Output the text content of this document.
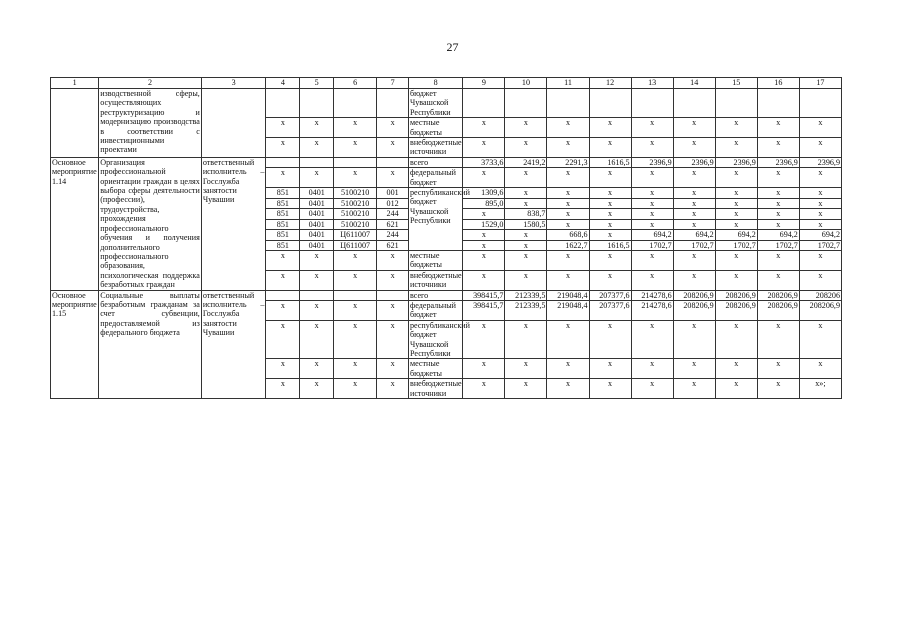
27
1	2	3	4	5	6	7	8	9	10	11	12	13	14	15	16	17
	изводственной сферы, осуществляющих реструктуризацию и модернизацию производства в соответствии с инвестиционными проектами						бюджет Чувашской Республики									
			x	x	x	x	местные бюджеты	x	x	x	x	x	x	x	x	x
			x	x	x	x	внебюджетные источники	x	x	x	x	x	x	x	x	x
Основное мероприятие 1.14	Организация профессиональной ориентации граждан в целях выбора сферы деятельности (профессии), трудоустройства, прохождения профессионального обучения и получения дополнительного профессионального образования, психологическая поддержка безработных граждан	ответственный исполнитель – Госслужба занятости Чувашии					всего	3733,6	2419,2	2291,3	1616,5	2396,9	2396,9	2396,9	2396,9	2396,9
			x	x	x	x	федеральный бюджет	x	x	x	x	x	x	x	x	x
			851	0401	5100210	001	республиканский бюджет Чувашской Республики	1309,6	x	x	x	x	x	x	x	x
			851	0401	5100210	012		895,0	x	x	x	x	x	x	x	x
			851	0401	5100210	244		x	838,7	x	x	x	x	x	x	x
			851	0401	5100210	621		1529,0	1580,5	x	x	x	x	x	x	x
			851	0401	Ц611007	244		x	x	668,6	x	694,2	694,2	694,2	694,2	694,2
			851	0401	Ц611007	621		x	x	1622,7	1616,5	1702,7	1702,7	1702,7	1702,7	1702,7
			x	x	x	x	местные бюджеты	x	x	x	x	x	x	x	x	x
			x	x	x	x	внебюджетные источники	x	x	x	x	x	x	x	x	x
Основное мероприятие 1.15	Социальные выплаты безработным гражданам за счет субвенции, предоставляемой из федерального бюджета	ответственный исполнитель – Госслужба занятости Чувашии					всего	398415,7	212339,5	219048,4	207377,6	214278,6	208206,9	208206,9	208206,9	208206
			x	x	x	x	федеральный бюджет	398415,7	212339,5	219048,4	207377,6	214278,6	208206,9	208206,9	208206,9	208206,9
			x	x	x	x	республиканский бюджет Чувашской Республики	x	x	x	x	x	x	x	x	x
			x	x	x	x	местные бюджеты	x	x	x	x	x	x	x	x	x
			x	x	x	x	внебюджетные источники	x	x	x	x	x	x	x	x	x»;
